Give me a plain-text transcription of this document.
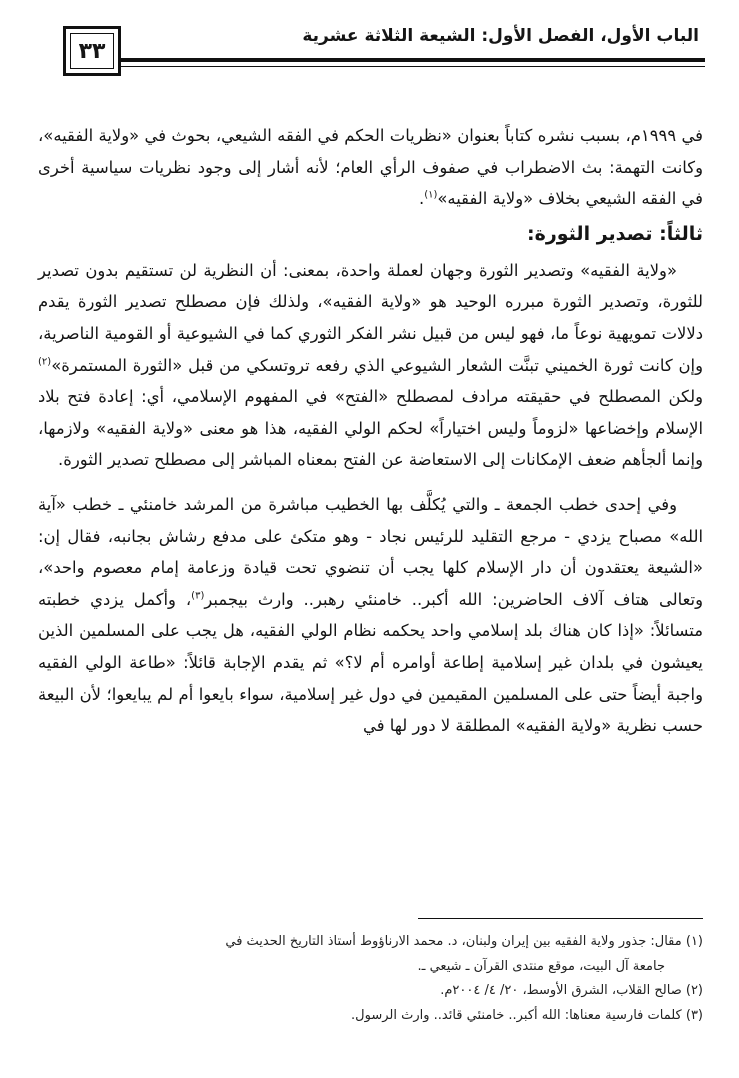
٣٣
الباب الأول، الفصل الأول: الشيعة الثلاثة عشرية

في ١٩٩٩م، بسبب نشره كتاباً بعنوان «نظريات الحكم في الفقه الشيعي، بحوث في «ولاية الفقيه»، وكانت التهمة: بث الاضطراب في صفوف الرأي العام؛ لأنه أشار إلى وجود نظريات سياسية أخرى في الفقه الشيعي بخلاف «ولاية الفقيه»$^{(١)}$.

ثالثاً: تصدير الثورة:

«ولاية الفقيه» وتصدير الثورة وجهان لعملة واحدة، بمعنى: أن النظرية لن تستقيم بدون تصدير للثورة، وتصدير الثورة مبرره الوحيد هو «ولاية الفقيه»، ولذلك فإن مصطلح تصدير الثورة يقدم دلالات تمويهية نوعاً ما، فهو ليس من قبيل نشر الفكر الثوري كما في الشيوعية أو القومية الناصرية، وإن كانت ثورة الخميني تبنَّت الشعار الشيوعي الذي رفعه تروتسكي من قبل «الثورة المستمرة»$^{(٢)}$ ولكن المصطلح في حقيقته مرادف لمصطلح «الفتح» في المفهوم الإسلامي، أي: إعادة فتح بلاد الإسلام وإخضاعها «لزوماً وليس اختياراً» لحكم الولي الفقيه، هذا هو معنى «ولاية الفقيه» ولازمها، وإنما ألجأهم ضعف الإمكانات إلى الاستعاضة عن الفتح بمعناه المباشر إلى مصطلح تصدير الثورة.

وفي إحدى خطب الجمعة ـ والتي يُكلَّف بها الخطيب مباشرة من المرشد خامنئي ـ خطب «آية الله» مصباح يزدي - مرجع التقليد للرئيس نجاد - وهو متكئ على مدفع رشاش بجانبه، فقال إن: «الشيعة يعتقدون أن دار الإسلام كلها يجب أن تنضوي تحت قيادة وزعامة إمام معصوم واحد»، وتعالى هتاف آلاف الحاضرين: الله أكبر.. خامنئي رهبر.. وارث بيجمبر$^{(٣)}$، وأكمل يزدي خطبته متسائلاً: «إذا كان هناك بلد إسلامي واحد يحكمه نظام الولي الفقيه، هل يجب على المسلمين الذين يعيشون في بلدان غير إسلامية إطاعة أوامره أم لا؟» ثم يقدم الإجابة قائلاً: «طاعة الولي الفقيه واجبة أيضاً حتى على المسلمين المقيمين في دول غير إسلامية، سواء بايعوا أم لم يبايعوا؛ لأن البيعة حسب نظرية «ولاية الفقيه» المطلقة لا دور لها في

(١) مقال: جذور ولاية الفقيه بين إيران ولبنان، د. محمد الارناؤوط أستاذ التاريخ الحديث في

جامعة آل البيت، موقع منتدى القرآن ـ شيعي ـ.

(٢) صالح القلاب، الشرق الأوسط، ٢٠/ ٤/ ٢٠٠٤م.

(٣) كلمات فارسية معناها: الله أكبر.. خامنئي قائد.. وارث الرسول.
